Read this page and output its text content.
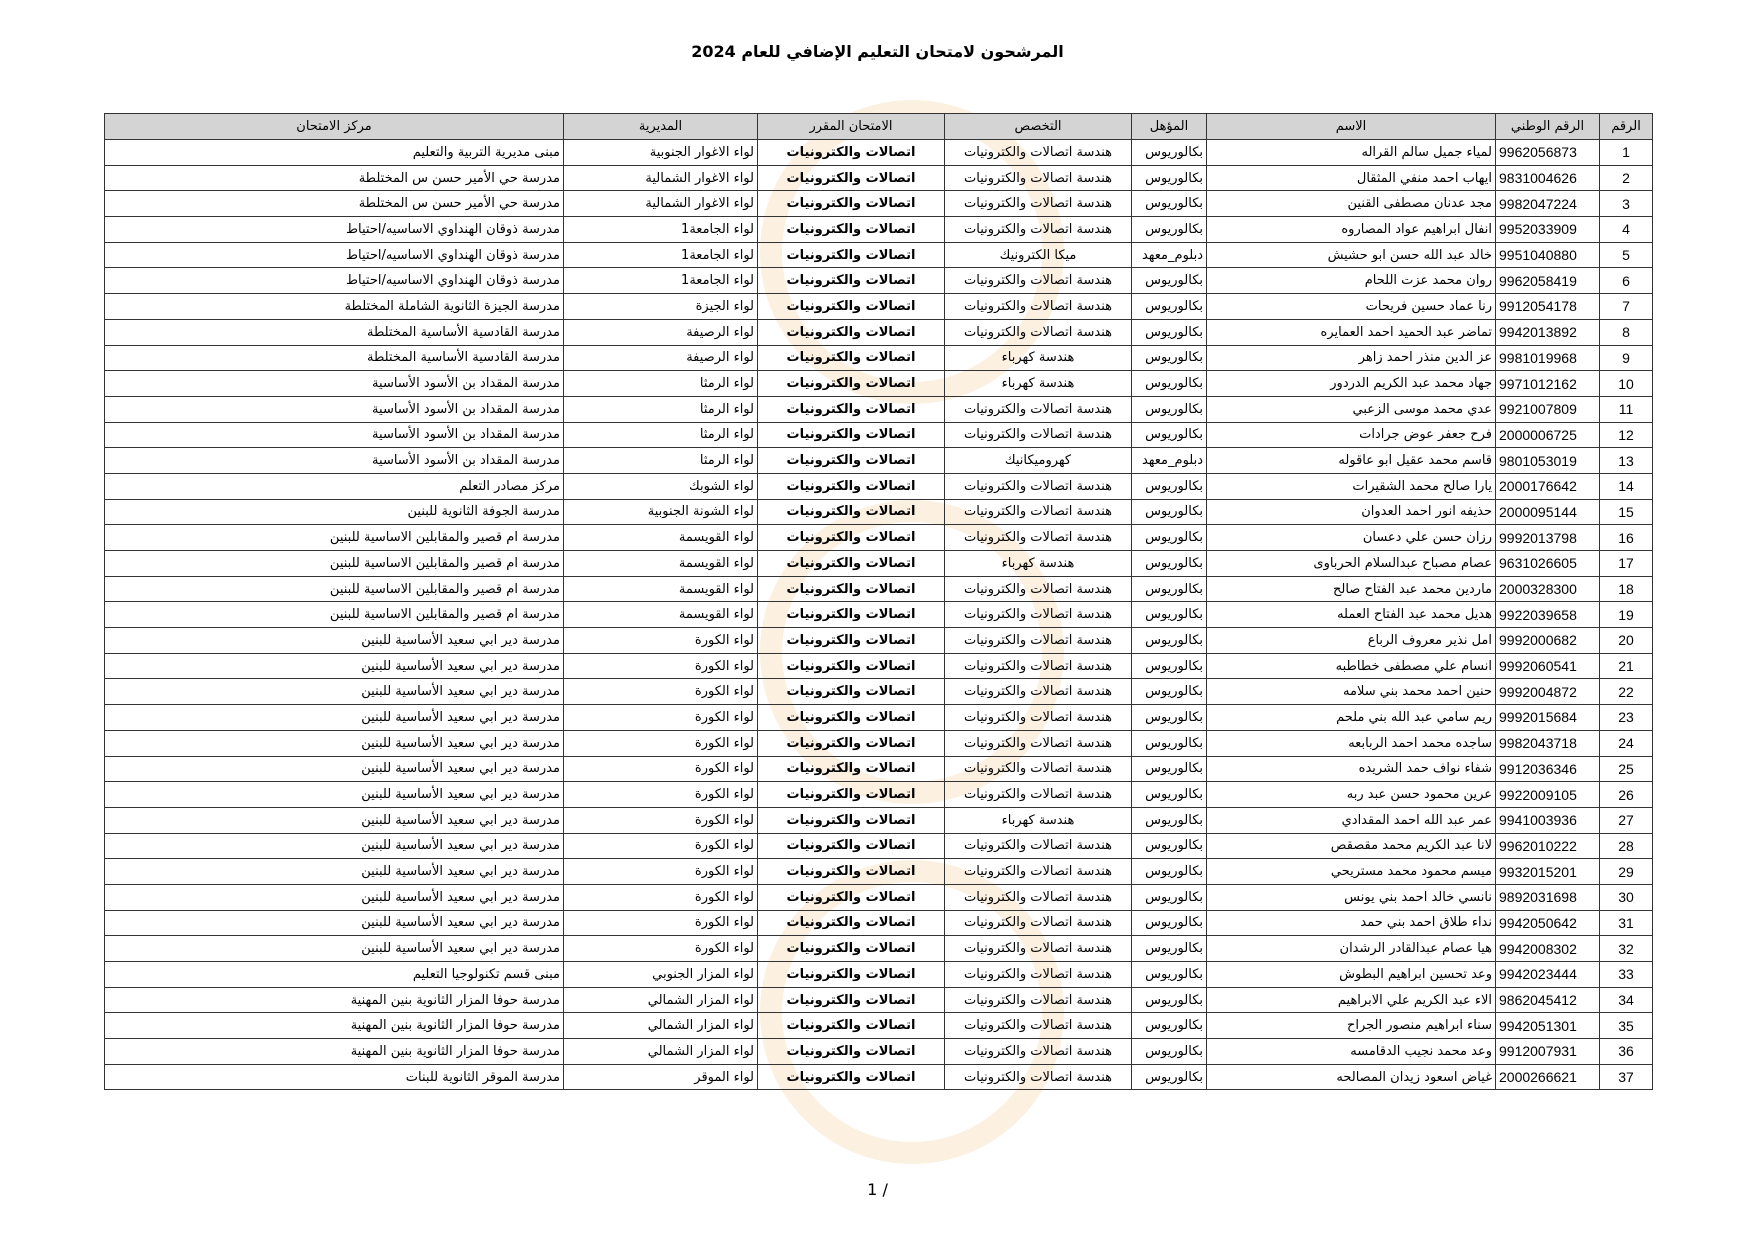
المرشحون لامتحان التعليم الإضافي للعام 2024
الرقم	الرقم الوطني	الاسم	المؤهل	التخصص	الامتحان المقرر	المديرية	مركز الامتحان
1	9962056873	لمياء جميل سالم القراله	بكالوريوس	هندسة اتصالات والكترونيات	اتصالات والكترونيات	لواء الاغوار الجنوبية	مبنى مديرية التربية والتعليم
2	9831004626	ايهاب احمد منفي المثقال	بكالوريوس	هندسة اتصالات والكترونيات	اتصالات والكترونيات	لواء الاغوار الشمالية	مدرسة حي الأمير حسن س المختلطة
3	9982047224	مجد عدنان مصطفى القنين	بكالوريوس	هندسة اتصالات والكترونيات	اتصالات والكترونيات	لواء الاغوار الشمالية	مدرسة حي الأمير حسن س المختلطة
4	9952033909	انفال ابراهيم عواد المصاروه	بكالوريوس	هندسة اتصالات والكترونيات	اتصالات والكترونيات	لواء الجامعة1	مدرسة ذوقان الهنداوي الاساسيه/احتياط
5	9951040880	خالد عبد الله حسن ابو حشيش	دبلوم_معهد	ميكا الكترونيك	اتصالات والكترونيات	لواء الجامعة1	مدرسة ذوقان الهنداوي الاساسيه/احتياط
6	9962058419	روان محمد عزت اللحام	بكالوريوس	هندسة اتصالات والكترونيات	اتصالات والكترونيات	لواء الجامعة1	مدرسة ذوقان الهنداوي الاساسيه/احتياط
7	9912054178	رنا عماد حسين فريحات	بكالوريوس	هندسة اتصالات والكترونيات	اتصالات والكترونيات	لواء الجيزة	مدرسة الجيزة الثانوية الشاملة المختلطة
8	9942013892	تماضر عبد الحميد احمد العمايره	بكالوريوس	هندسة اتصالات والكترونيات	اتصالات والكترونيات	لواء الرصيفة	مدرسة القادسية الأساسية المختلطة
9	9981019968	عز الدين منذر احمد زاهر	بكالوريوس	هندسة كهرباء	اتصالات والكترونيات	لواء الرصيفة	مدرسة القادسية الأساسية المختلطة
10	9971012162	جهاد محمد عبد الكريم الدردور	بكالوريوس	هندسة كهرباء	اتصالات والكترونيات	لواء الرمثا	مدرسة المقداد بن الأسود الأساسية
11	9921007809	عدي محمد موسى الزعبي	بكالوريوس	هندسة اتصالات والكترونيات	اتصالات والكترونيات	لواء الرمثا	مدرسة المقداد بن الأسود الأساسية
12	2000006725	فرح جعفر عوض جرادات	بكالوريوس	هندسة اتصالات والكترونيات	اتصالات والكترونيات	لواء الرمثا	مدرسة المقداد بن الأسود الأساسية
13	9801053019	قاسم محمد عقيل ابو عاقوله	دبلوم_معهد	كهروميكانيك	اتصالات والكترونيات	لواء الرمثا	مدرسة المقداد بن الأسود الأساسية
14	2000176642	يارا صالح محمد الشقيرات	بكالوريوس	هندسة اتصالات والكترونيات	اتصالات والكترونيات	لواء الشوبك	مركز مصادر التعلم
15	2000095144	حذيفه انور احمد العدوان	بكالوريوس	هندسة اتصالات والكترونيات	اتصالات والكترونيات	لواء الشونة الجنوبية	مدرسة الجوفة الثانوية للبنين
16	9992013798	رزان حسن علي دعسان	بكالوريوس	هندسة اتصالات والكترونيات	اتصالات والكترونيات	لواء القويسمة	مدرسة ام قصير والمقابلين الاساسية للبنين
17	9631026605	عصام مصباح عبدالسلام الحرباوى	بكالوريوس	هندسة كهرباء	اتصالات والكترونيات	لواء القويسمة	مدرسة ام قصير والمقابلين الاساسية للبنين
18	2000328300	ماردين محمد عبد الفتاح صالح	بكالوريوس	هندسة اتصالات والكترونيات	اتصالات والكترونيات	لواء القويسمة	مدرسة ام قصير والمقابلين الاساسية للبنين
19	9922039658	هديل محمد عبد الفتاح العمله	بكالوريوس	هندسة اتصالات والكترونيات	اتصالات والكترونيات	لواء القويسمة	مدرسة ام قصير والمقابلين الاساسية للبنين
20	9992000682	امل نذير معروف الرباع	بكالوريوس	هندسة اتصالات والكترونيات	اتصالات والكترونيات	لواء الكورة	مدرسة دير ابي سعيد الأساسية للبنين
21	9992060541	انسام علي مصطفى خطاطبه	بكالوريوس	هندسة اتصالات والكترونيات	اتصالات والكترونيات	لواء الكورة	مدرسة دير ابي سعيد الأساسية للبنين
22	9992004872	حنين احمد محمد بني سلامه	بكالوريوس	هندسة اتصالات والكترونيات	اتصالات والكترونيات	لواء الكورة	مدرسة دير ابي سعيد الأساسية للبنين
23	9992015684	ريم سامي عبد الله بني ملحم	بكالوريوس	هندسة اتصالات والكترونيات	اتصالات والكترونيات	لواء الكورة	مدرسة دير ابي سعيد الأساسية للبنين
24	9982043718	ساجده محمد احمد الربابعه	بكالوريوس	هندسة اتصالات والكترونيات	اتصالات والكترونيات	لواء الكورة	مدرسة دير ابي سعيد الأساسية للبنين
25	9912036346	شفاء نواف حمد الشريده	بكالوريوس	هندسة اتصالات والكترونيات	اتصالات والكترونيات	لواء الكورة	مدرسة دير ابي سعيد الأساسية للبنين
26	9922009105	عرين محمود حسن عبد ربه	بكالوريوس	هندسة اتصالات والكترونيات	اتصالات والكترونيات	لواء الكورة	مدرسة دير ابي سعيد الأساسية للبنين
27	9941003936	عمر عبد الله احمد المقدادي	بكالوريوس	هندسة كهرباء	اتصالات والكترونيات	لواء الكورة	مدرسة دير ابي سعيد الأساسية للبنين
28	9962010222	لانا عبد الكريم محمد مقصقص	بكالوريوس	هندسة اتصالات والكترونيات	اتصالات والكترونيات	لواء الكورة	مدرسة دير ابي سعيد الأساسية للبنين
29	9932015201	ميسم محمود محمد مستريحي	بكالوريوس	هندسة اتصالات والكترونيات	اتصالات والكترونيات	لواء الكورة	مدرسة دير ابي سعيد الأساسية للبنين
30	9892031698	نانسي خالد احمد بني يونس	بكالوريوس	هندسة اتصالات والكترونيات	اتصالات والكترونيات	لواء الكورة	مدرسة دير ابي سعيد الأساسية للبنين
31	9942050642	نداء طلاق احمد بني حمد	بكالوريوس	هندسة اتصالات والكترونيات	اتصالات والكترونيات	لواء الكورة	مدرسة دير ابي سعيد الأساسية للبنين
32	9942008302	هيا عصام عبدالقادر الرشدان	بكالوريوس	هندسة اتصالات والكترونيات	اتصالات والكترونيات	لواء الكورة	مدرسة دير ابي سعيد الأساسية للبنين
33	9942023444	وعد تحسين ابراهيم البطوش	بكالوريوس	هندسة اتصالات والكترونيات	اتصالات والكترونيات	لواء المزار الجنوبي	مبنى قسم تكنولوجيا التعليم
34	9862045412	الاء عبد الكريم علي الابراهيم	بكالوريوس	هندسة اتصالات والكترونيات	اتصالات والكترونيات	لواء المزار الشمالي	مدرسة حوفا المزار الثانوية بنين المهنية
35	9942051301	سناء ابراهيم منصور الجراح	بكالوريوس	هندسة اتصالات والكترونيات	اتصالات والكترونيات	لواء المزار الشمالي	مدرسة حوفا المزار الثانوية بنين المهنية
36	9912007931	وعد محمد نجيب الدقامسه	بكالوريوس	هندسة اتصالات والكترونيات	اتصالات والكترونيات	لواء المزار الشمالي	مدرسة حوفا المزار الثانوية بنين المهنية
37	2000266621	غياض اسعود زيدان المصالحه	بكالوريوس	هندسة اتصالات والكترونيات	اتصالات والكترونيات	لواء الموقر	مدرسة الموقر الثانوية للبنات
1 /
